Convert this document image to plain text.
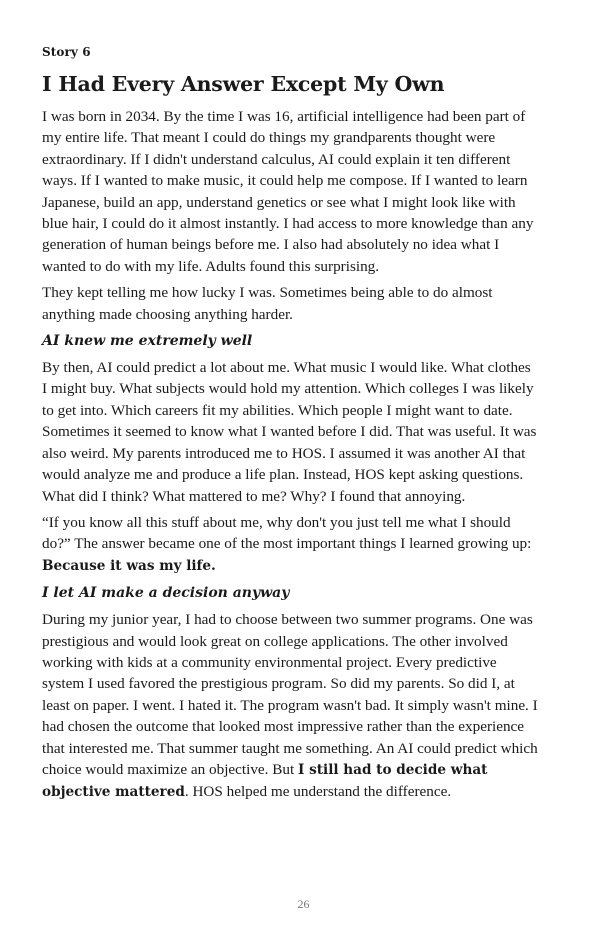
Story 6
I Had Every Answer Except My Own

I was born in 2034. By the time I was 16, artificial intelligence had been part of my entire life. That meant I could do things my grandparents thought were extraordinary. If I didn't understand calculus, AI could explain it ten different ways. If I wanted to make music, it could help me compose. If I wanted to learn Japanese, build an app, understand genetics or see what I might look like with blue hair, I could do it almost instantly. I had access to more knowledge than any generation of human beings before me. I also had absolutely no idea what I wanted to do with my life. Adults found this surprising.

They kept telling me how lucky I was. Sometimes being able to do almost anything made choosing anything harder.

AI knew me extremely well

By then, AI could predict a lot about me. What music I would like. What clothes I might buy. What subjects would hold my attention. Which colleges I was likely to get into. Which careers fit my abilities. Which people I might want to date. Sometimes it seemed to know what I wanted before I did. That was useful. It was also weird. My parents introduced me to HOS. I assumed it was another AI that would analyze me and produce a life plan. Instead, HOS kept asking questions. What did I think? What mattered to me? Why? I found that annoying.

“If you know all this stuff about me, why don't you just tell me what I should do?” The answer became one of the most important things I learned growing up: Because it was my life.

I let AI make a decision anyway

During my junior year, I had to choose between two summer programs. One was prestigious and would look great on college applications. The other involved working with kids at a community environmental project. Every predictive system I used favored the prestigious program. So did my parents. So did I, at least on paper. I went. I hated it. The program wasn't bad. It simply wasn't mine. I had chosen the outcome that looked most impressive rather than the experience that interested me. That summer taught me something. An AI could predict which choice would maximize an objective. But I still had to decide what objective mattered. HOS helped me understand the difference.

26
